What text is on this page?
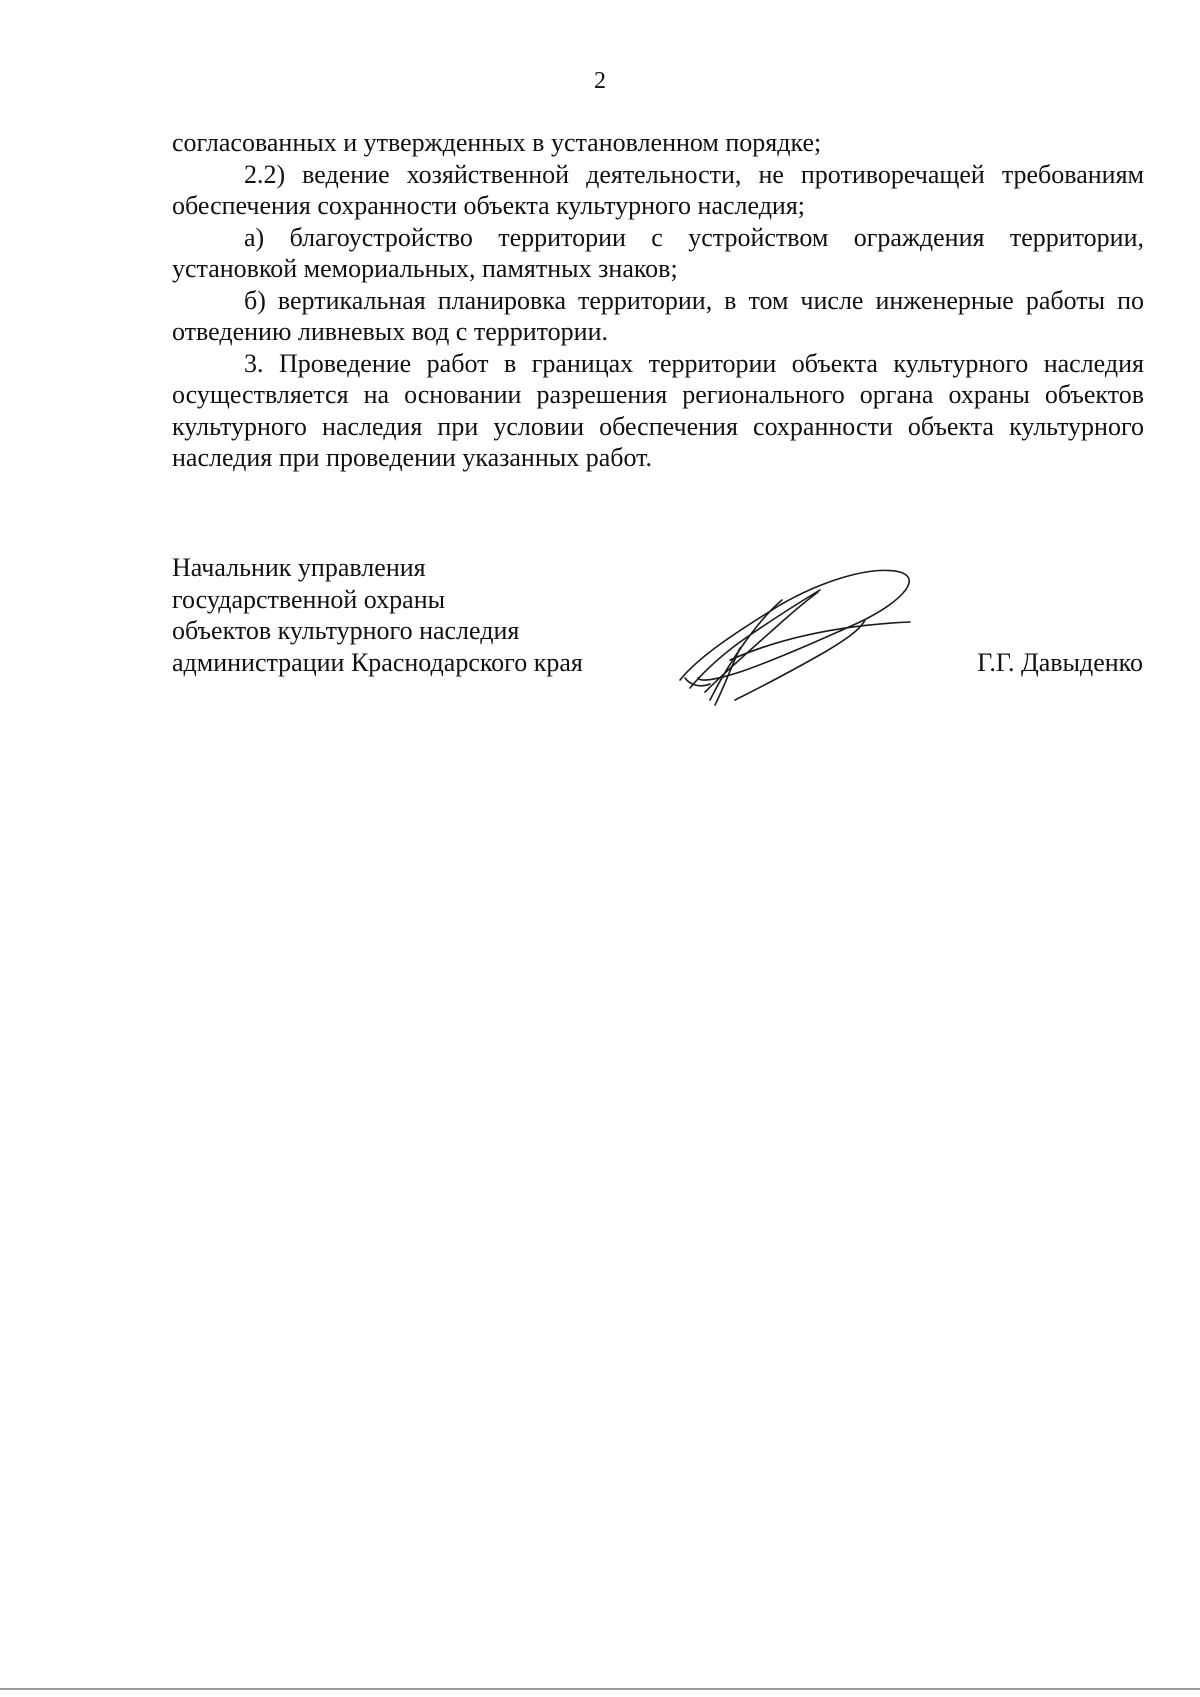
2

согласованных и утвержденных в установленном порядке;

2.2) ведение хозяйственной деятельности, не противоречащей требованиям обеспечения сохранности объекта культурного наследия;

а) благоустройство территории с устройством ограждения территории, установкой мемориальных, памятных знаков;

б) вертикальная планировка территории, в том числе инженерные работы по отведению ливневых вод с территории.

3. Проведение работ в границах территории объекта культурного наследия осуществляется на основании разрешения регионального органа охраны объектов культурного наследия при условии обеспечения сохранности объекта культурного наследия при проведении указанных работ.

Начальник управления
государственной охраны
объектов культурного наследия
администрации Краснодарского края	Г.Г. Давыденко
